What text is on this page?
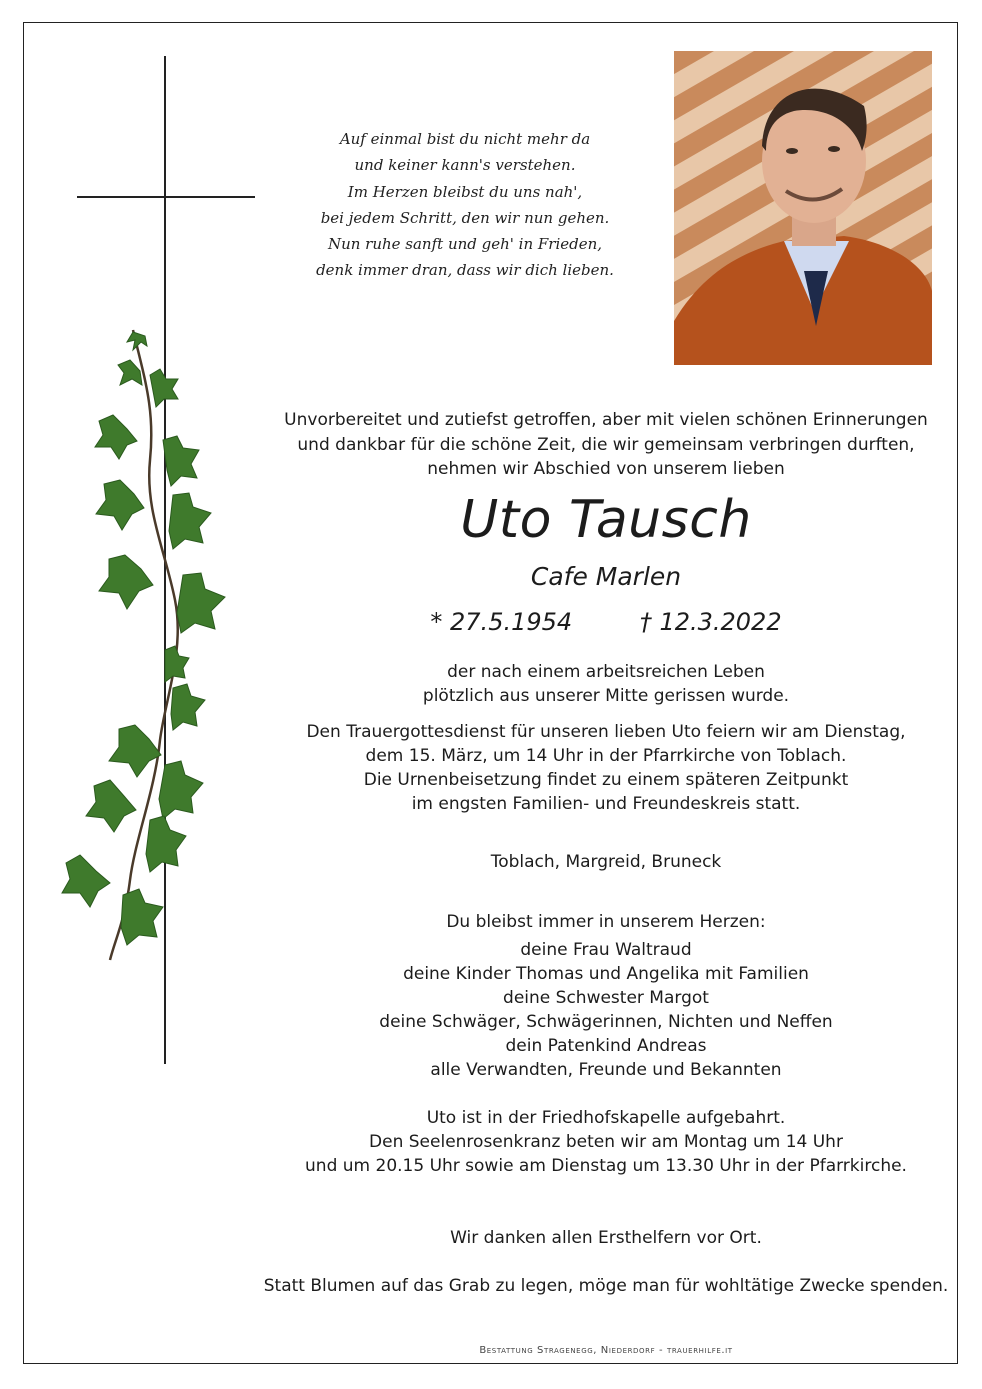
Auf einmal bist du nicht mehr da
und keiner kann's verstehen.
Im Herzen bleibst du uns nah',
bei jedem Schritt, den wir nun gehen.
Nun ruhe sanft und geh' in Frieden,
denk immer dran, dass wir dich lieben.
Unvorbereitet und zutiefst getroffen, aber mit vielen schönen Erinnerungen
und dankbar für die schöne Zeit, die wir gemeinsam verbringen durften,
nehmen wir Abschied von unserem lieben
Uto Tausch
Cafe Marlen
* 27.5.1954	† 12.3.2022
der nach einem arbeitsreichen Leben
plötzlich aus unserer Mitte gerissen wurde.
Den Trauergottesdienst für unseren lieben Uto feiern wir am Dienstag,
dem 15. März, um 14 Uhr in der Pfarrkirche von Toblach.
Die Urnenbeisetzung findet zu einem späteren Zeitpunkt
im engsten Familien- und Freundeskreis statt.
Toblach, Margreid, Bruneck
Du bleibst immer in unserem Herzen:
deine Frau Waltraud
deine Kinder Thomas und Angelika mit Familien
deine Schwester Margot
deine Schwäger, Schwägerinnen, Nichten und Neffen
dein Patenkind Andreas
alle Verwandten, Freunde und Bekannten
Uto ist in der Friedhofskapelle aufgebahrt.
Den Seelenrosenkranz beten wir am Montag um 14 Uhr
und um 20.15 Uhr sowie am Dienstag um 13.30 Uhr in der Pfarrkirche.
Wir danken allen Ersthelfern vor Ort.
Statt Blumen auf das Grab zu legen, möge man für wohltätige Zwecke spenden.
Bestattung Stragenegg, Niederdorf - trauerhilfe.it
